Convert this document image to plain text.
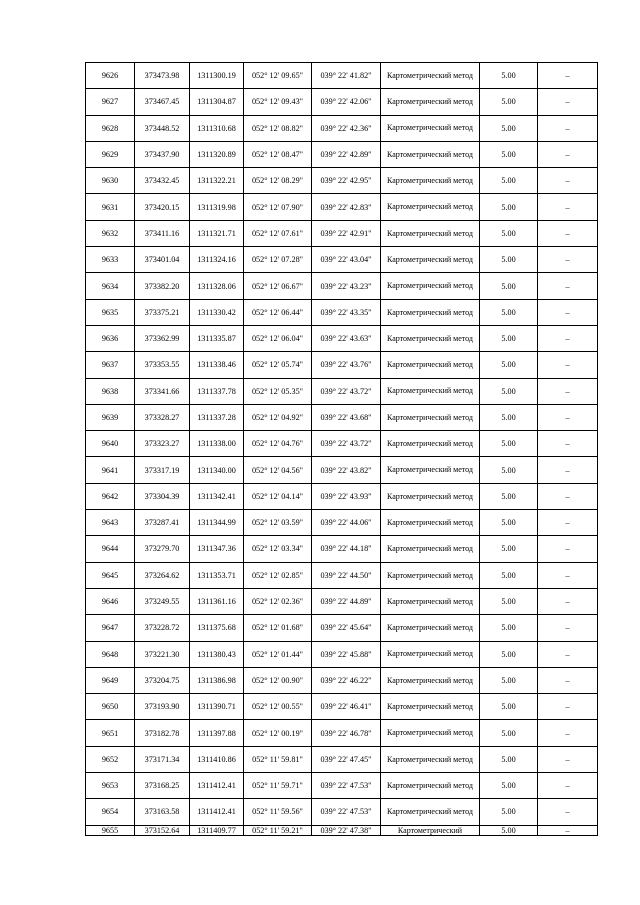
9626	373473.98	1311300.19	052° 12' 09.65"	039° 22' 41.82"	Картометрический метод	5.00	–
9627	373467.45	1311304.87	052° 12' 09.43"	039° 22' 42.06"	Картометрический метод	5.00	–
9628	373448.52	1311310.68	052° 12' 08.82"	039° 22' 42.36"	Картометрический метод	5.00	–
9629	373437.90	1311320.89	052° 12' 08.47"	039° 22' 42.89"	Картометрический метод	5.00	–
9630	373432.45	1311322.21	052° 12' 08.29"	039° 22' 42.95"	Картометрический метод	5.00	–
9631	373420.15	1311319.98	052° 12' 07.90"	039° 22' 42.83"	Картометрический метод	5.00	–
9632	373411.16	1311321.71	052° 12' 07.61"	039° 22' 42.91"	Картометрический метод	5.00	–
9633	373401.04	1311324.16	052° 12' 07.28"	039° 22' 43.04"	Картометрический метод	5.00	–
9634	373382.20	1311328.06	052° 12' 06.67"	039° 22' 43.23"	Картометрический метод	5.00	–
9635	373375.21	1311330.42	052° 12' 06.44"	039° 22' 43.35"	Картометрический метод	5.00	–
9636	373362.99	1311335.87	052° 12' 06.04"	039° 22' 43.63"	Картометрический метод	5.00	–
9637	373353.55	1311338.46	052° 12' 05.74"	039° 22' 43.76"	Картометрический метод	5.00	–
9638	373341.66	1311337.78	052° 12' 05.35"	039° 22' 43.72"	Картометрический метод	5.00	–
9639	373328.27	1311337.28	052° 12' 04.92"	039° 22' 43.68"	Картометрический метод	5.00	–
9640	373323.27	1311338.00	052° 12' 04.76"	039° 22' 43.72"	Картометрический метод	5.00	–
9641	373317.19	1311340.00	052° 12' 04.56"	039° 22' 43.82"	Картометрический метод	5.00	–
9642	373304.39	1311342.41	052° 12' 04.14"	039° 22' 43.93"	Картометрический метод	5.00	–
9643	373287.41	1311344.99	052° 12' 03.59"	039° 22' 44.06"	Картометрический метод	5.00	–
9644	373279.70	1311347.36	052° 12' 03.34"	039° 22' 44.18"	Картометрический метод	5.00	–
9645	373264.62	1311353.71	052° 12' 02.85"	039° 22' 44.50"	Картометрический метод	5.00	–
9646	373249.55	1311361.16	052° 12' 02.36"	039° 22' 44.89"	Картометрический метод	5.00	–
9647	373228.72	1311375.68	052° 12' 01.68"	039° 22' 45.64"	Картометрический метод	5.00	–
9648	373221.30	1311380.43	052° 12' 01.44"	039° 22' 45.88"	Картометрический метод	5.00	–
9649	373204.75	1311386.98	052° 12' 00.90"	039° 22' 46.22"	Картометрический метод	5.00	–
9650	373193.90	1311390.71	052° 12' 00.55"	039° 22' 46.41"	Картометрический метод	5.00	–
9651	373182.78	1311397.88	052° 12' 00.19"	039° 22' 46.78"	Картометрический метод	5.00	–
9652	373171.34	1311410.86	052° 11' 59.81"	039° 22' 47.45"	Картометрический метод	5.00	–
9653	373168.25	1311412.41	052° 11' 59.71"	039° 22' 47.53"	Картометрический метод	5.00	–
9654	373163.58	1311412.41	052° 11' 59.56"	039° 22' 47.53"	Картометрический метод	5.00	–
9655	373152.64	1311409.77	052° 11' 59.21"	039° 22' 47.38"	Картометрический	5.00	–
